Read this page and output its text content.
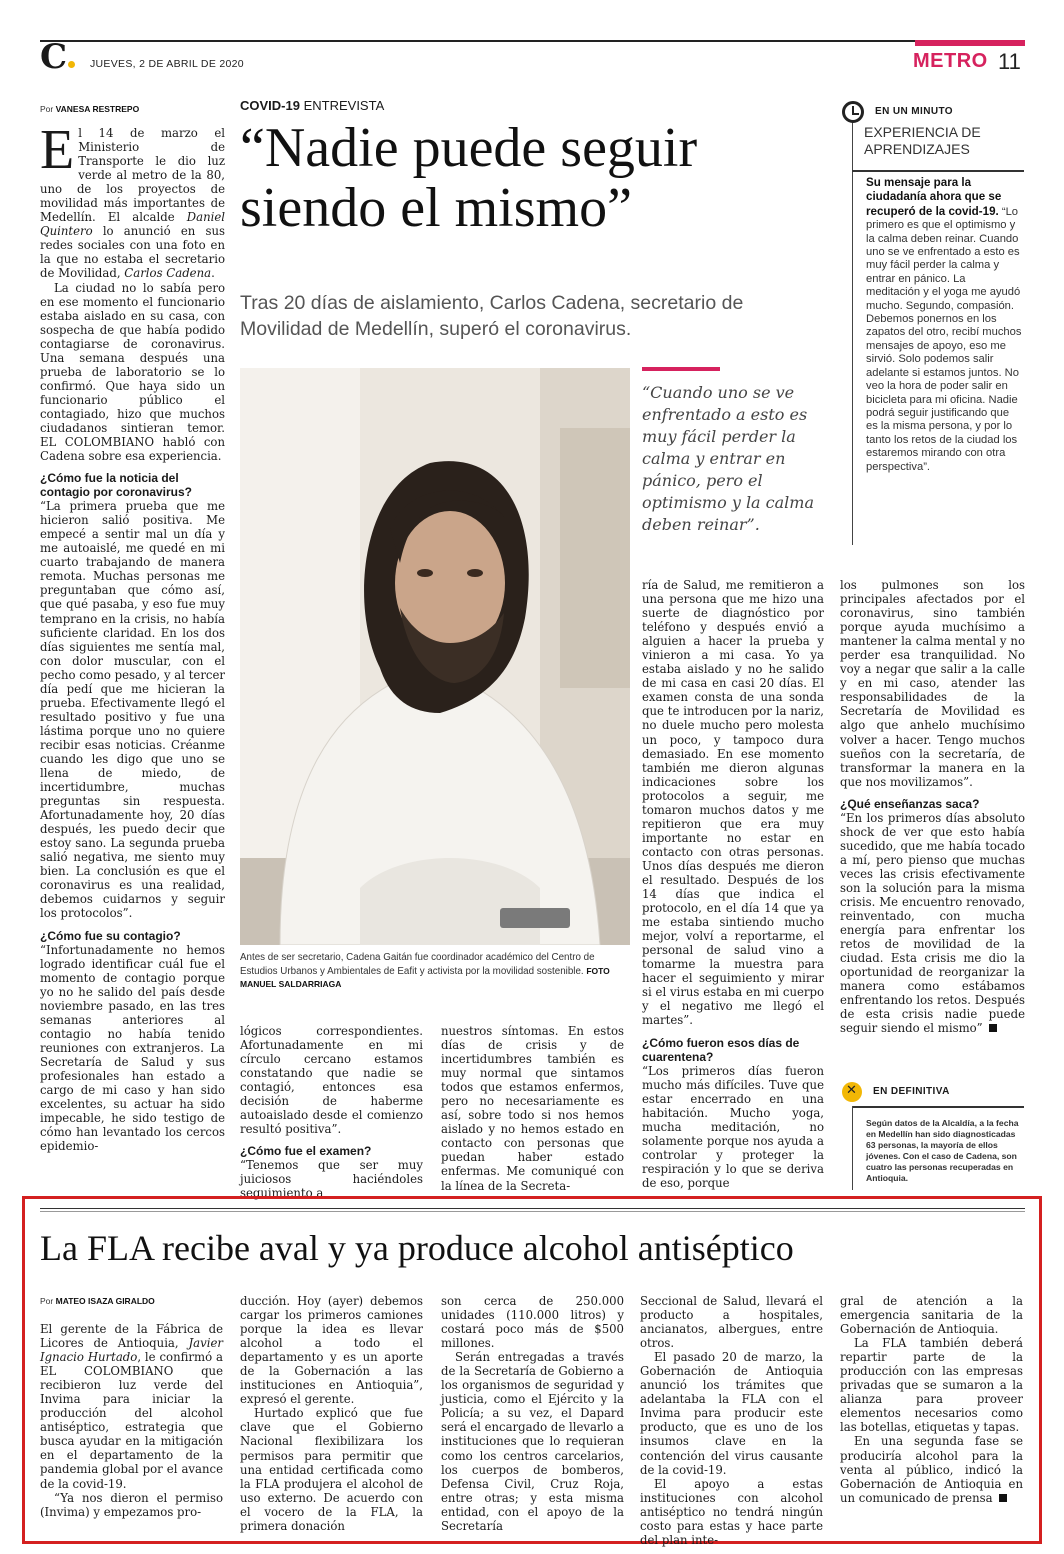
C	JUEVES, 2 DE ABRIL DE 2020	METRO 11
Por VANESA RESTREPO	COVID-19 ENTREVISTA
“Nadie puede seguir siendo el mismo”
Tras 20 días de aislamiento, Carlos Cadena, secretario de Movilidad de Medellín, superó el coronavirus.

El 14 de marzo el Ministerio de Transporte le dio luz verde al metro de la 80, uno de los proyectos de movilidad más importantes de Medellín. El alcalde Daniel Quintero lo anunció en sus redes sociales con una foto en la que no estaba el secretario de Movilidad, Carlos Cadena.

La ciudad no lo sabía pero en ese momento el funcionario estaba aislado en su casa, con sospecha de que había podido contagiarse de coronavirus. Una semana después una prueba de laboratorio se lo confirmó. Que haya sido un funcionario público el contagiado, hizo que muchos ciudadanos sintieran temor. EL COLOMBIANO habló con Cadena sobre esa experiencia.

¿Cómo fue la noticia del contagio por coronavirus?

“La primera prueba que me hicieron salió positiva. Me empecé a sentir mal un día y me autoaislé, me quedé en mi cuarto trabajando de manera remota. Muchas personas me preguntaban que cómo así, que qué pasaba, y eso fue muy temprano en la crisis, no había suficiente claridad. En los dos días siguientes me sentía mal, con dolor muscular, con el pecho como pesado, y al tercer día pedí que me hicieran la prueba. Efectivamente llegó el resultado positivo y fue una lástima porque uno no quiere recibir esas noticias. Créanme cuando les digo que uno se llena de miedo, de incertidumbre, muchas preguntas sin respuesta. Afortunadamente hoy, 20 días después, les puedo decir que estoy sano. La segunda prueba salió negativa, me siento muy bien. La conclusión es que el coronavirus es una realidad, debemos cuidarnos y seguir los protocolos”.

¿Cómo fue su contagio?

“Infortunadamente no hemos logrado identificar cuál fue el momento de contagio porque yo no he salido del país desde noviembre pasado, en las tres semanas anteriores al contagio no había tenido reuniones con extranjeros. La Secretaría de Salud y sus profesionales han estado a cargo de mi caso y han sido excelentes, su actuar ha sido impecable, he sido testigo de cómo han levantado los cercos epidemio-

Antes de ser secretario, Cadena Gaitán fue coordinador académico del Centro de Estudios Urbanos y Ambientales de Eafit y activista por la movilidad sostenible. FOTO MANUEL SALDARRIAGA
“Cuando uno se ve enfrentado a esto es muy fácil perder la calma y entrar en pánico, pero el optimismo y la calma deben reinar”.

ría de Salud, me remitieron a una persona que me hizo una suerte de diagnóstico por teléfono y después envió a alguien a hacer la prueba y vinieron a mi casa. Yo ya estaba aislado y no he salido de mi casa en casi 20 días. El examen consta de una sonda que te introducen por la nariz, no duele mucho pero molesta un poco, y tampoco dura demasiado. En ese momento también me dieron algunas indicaciones sobre los protocolos a seguir, me tomaron muchos datos y me repitieron que era muy importante no estar en contacto con otras personas. Unos días después me dieron el resultado. Después de los 14 días que indica el protocolo, en el día 14 que ya me estaba sintiendo mucho mejor, volví a reportarme, el personal de salud vino a tomarme la muestra para hacer el seguimiento y mirar si el virus estaba en mi cuerpo y el negativo me llegó el martes”.

¿Cómo fueron esos días de cuarentena?

“Los primeros días fueron mucho más difíciles. Tuve que estar encerrado en una habitación. Mucho yoga, mucha meditación, no solamente porque nos ayuda a controlar y proteger la respiración y lo que se deriva de eso, porque

los pulmones son los principales afectados por el coronavirus, sino también porque ayuda muchísimo a mantener la calma mental y no perder esa tranquilidad. No voy a negar que salir a la calle y en mi caso, atender las responsabilidades de la Secretaría de Movilidad es algo que anhelo muchísimo volver a hacer. Tengo muchos sueños con la secretaría, de transformar la manera en la que nos movilizamos”.

¿Qué enseñanzas saca?

“En los primeros días absoluto shock de ver que esto había sucedido, que me había tocado a mí, pero pienso que muchas veces las crisis efectivamente son la solución para la misma crisis. Me encuentro renovado, reinventado, con mucha energía para enfrentar los retos de movilidad de la ciudad. Esta crisis me dio la oportunidad de reorganizar la manera como estábamos enfrentando los retos. Después de esta crisis nadie puede seguir siendo el mismo”

lógicos correspondientes. Afortunadamente en mi círculo cercano estamos constatando que nadie se contagió, entonces esa decisión de haberme autoaislado desde el comienzo resultó positiva”.

¿Cómo fue el examen?

“Tenemos que ser muy juiciosos haciéndoles seguimiento a

nuestros síntomas. En estos días de crisis y de incertidumbres también es muy normal que sintamos todos que estamos enfermos, pero no necesariamente es así, sobre todo si nos hemos aislado y no hemos estado en contacto con personas que puedan haber estado enfermas. Me comuniqué con la línea de la Secreta-

EN UN MINUTO
EXPERIENCIA DE APRENDIZAJES
Su mensaje para la ciudadanía ahora que se recuperó de la covid-19. “Lo primero es que el optimismo y la calma deben reinar. Cuando uno se ve enfrentado a esto es muy fácil perder la calma y entrar en pánico. La meditación y el yoga me ayudó mucho. Segundo, compasión. Debemos ponernos en los zapatos del otro, recibí muchos mensajes de apoyo, eso me sirvió. Solo podemos salir adelante si estamos juntos. No veo la hora de poder salir en bicicleta para mi oficina. Nadie podrá seguir justificando que es la misma persona, y por lo tanto los retos de la ciudad los estaremos mirando con otra perspectiva”.
✕
EN DEFINITIVA
Según datos de la Alcaldía, a la fecha en Medellín han sido diagnosticadas 63 personas, la mayoría de ellos jóvenes. Con el caso de Cadena, son cuatro las personas recuperadas en Antioquia.
La FLA recibe aval y ya produce alcohol antiséptico
Por MATEO ISAZA GIRALDO

El gerente de la Fábrica de Licores de Antioquia, Javier Ignacio Hurtado, le confirmó a EL COLOMBIANO que recibieron luz verde del Invima para iniciar la producción del alcohol antiséptico, estrategia que busca ayudar en la mitigación en el departamento de la pandemia global por el avance de la covid-19.

“Ya nos dieron el permiso (Invima) y empezamos pro-

ducción. Hoy (ayer) debemos cargar los primeros camiones porque la idea es llevar alcohol a todo el departamento y es un aporte de la Gobernación a las instituciones en Antioquia”, expresó el gerente.

Hurtado explicó que fue clave que el Gobierno Nacional flexibilizara los permisos para permitir que una entidad certificada como la FLA produjera el alcohol de uso externo. De acuerdo con el vocero de la FLA, la primera donación

son cerca de 250.000 unidades (110.000 litros) y costará poco más de $500 millones.

Serán entregadas a través de la Secretaría de Gobierno a los organismos de seguridad y justicia, como el Ejército y la Policía; a su vez, el Dapard será el encargado de llevarlo a instituciones que lo requieran como los centros carcelarios, los cuerpos de bomberos, Defensa Civil, Cruz Roja, entre otras; y esta misma entidad, con el apoyo de la Secretaría

Seccional de Salud, llevará el producto a hospitales, ancianatos, albergues, entre otros.

El pasado 20 de marzo, la Gobernación de Antioquia anunció los trámites que adelantaba la FLA con el Invima para producir este producto, que es uno de los insumos clave en la contención del virus causante de la covid-19.

El apoyo a estas instituciones con alcohol antiséptico no tendrá ningún costo para estas y hace parte del plan inte-

gral de atención a la emergencia sanitaria de la Gobernación de Antioquia.

La FLA también deberá repartir parte de la producción con las empresas privadas que se sumaron a la alianza para proveer elementos necesarios como las botellas, etiquetas y tapas.

En una segunda fase se produciría alcohol para la venta al público, indicó la Gobernación de Antioquia en un comunicado de prensa
